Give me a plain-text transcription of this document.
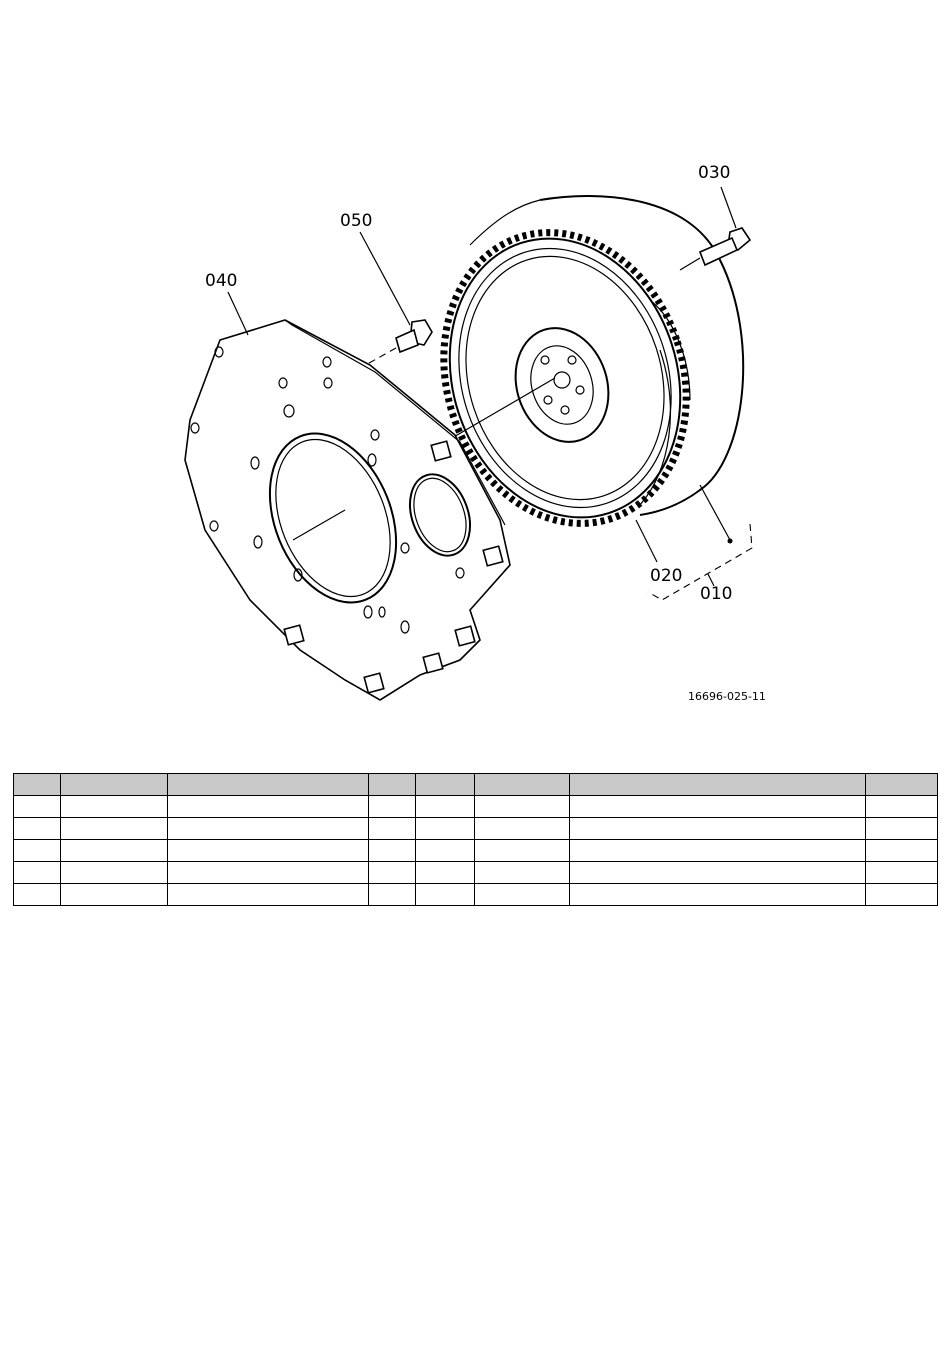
030
050
040
020
010
16696-025-11
